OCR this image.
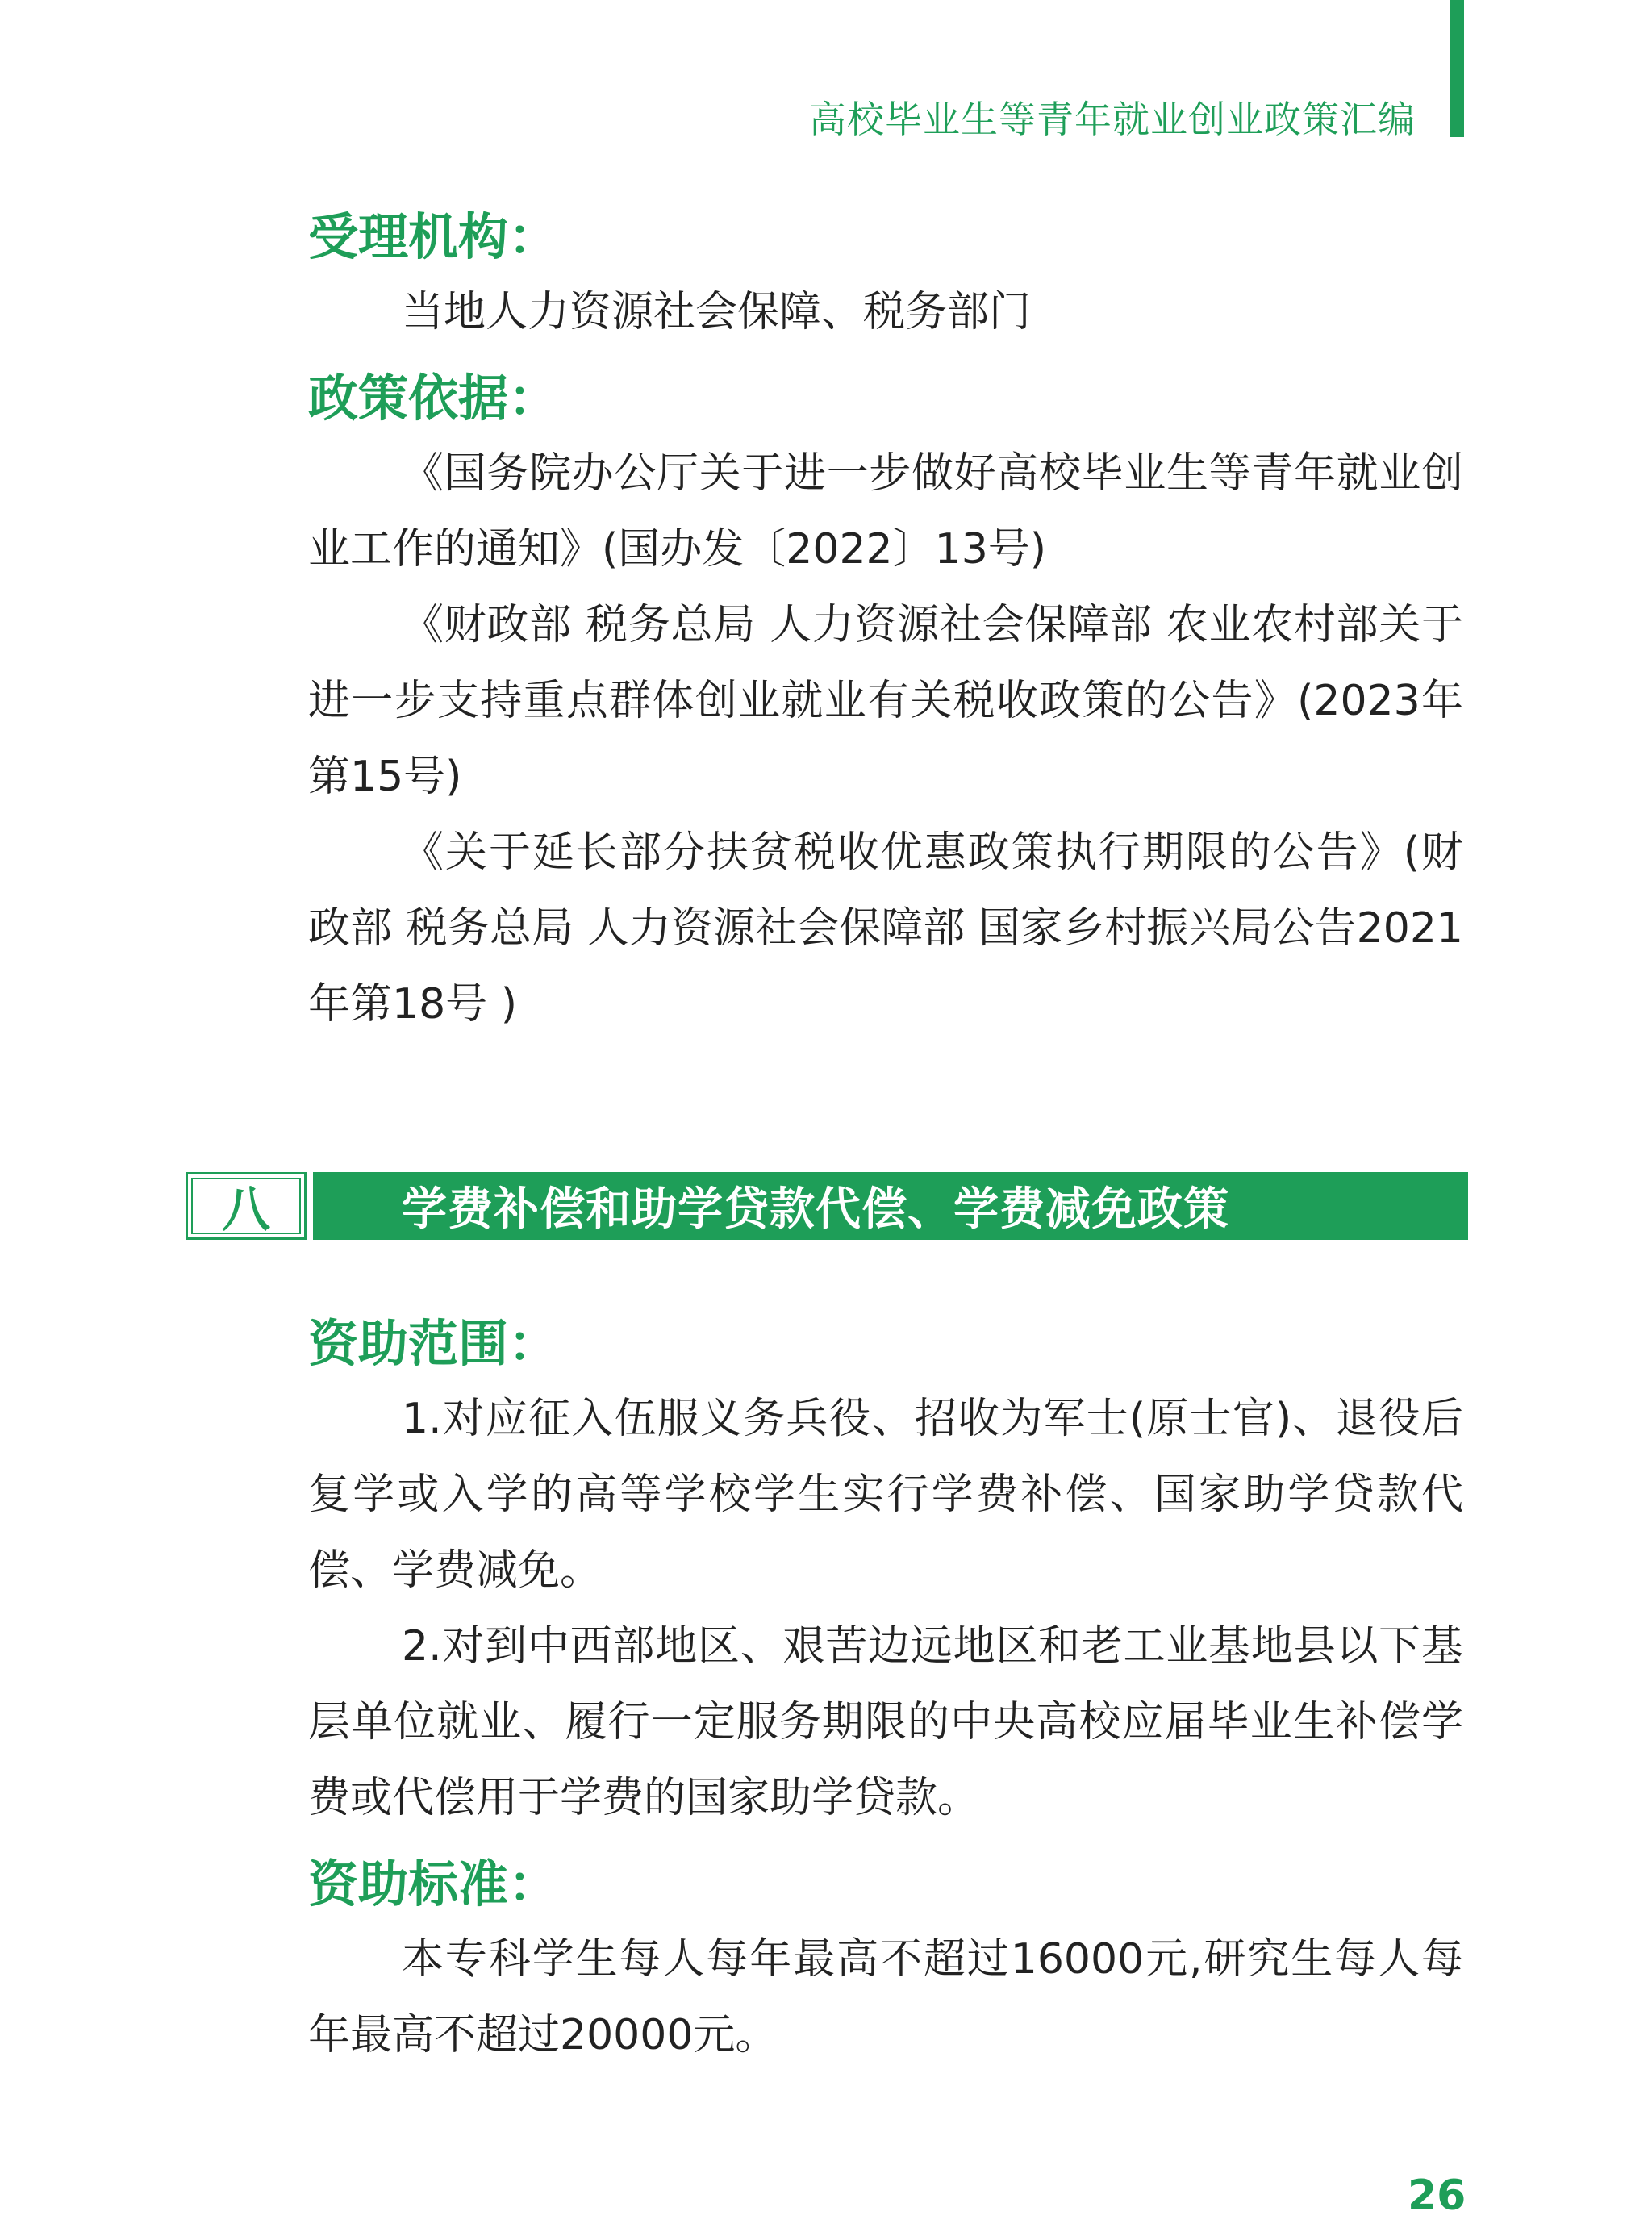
高校毕业生等青年就业创业政策汇编
受理机构：

当地人力资源社会保障、税务部门

政策依据：

《国务院办公厅关于进一步做好高校毕业生等青年就业创业工作的通知》(国办发〔2022〕13号)

《财政部 税务总局 人力资源社会保障部 农业农村部关于进一步支持重点群体创业就业有关税收政策的公告》(2023年第15号)

《关于延长部分扶贫税收优惠政策执行期限的公告》(财政部 税务总局 人力资源社会保障部 国家乡村振兴局公告2021年第18号 )

八	学费补偿和助学贷款代偿、学费减免政策
资助范围：

1.对应征入伍服义务兵役、招收为军士(原士官)、退役后复学或入学的高等学校学生实行学费补偿、国家助学贷款代偿、学费减免。

2.对到中西部地区、艰苦边远地区和老工业基地县以下基层单位就业、履行一定服务期限的中央高校应届毕业生补偿学费或代偿用于学费的国家助学贷款。

资助标准：

本专科学生每人每年最高不超过16000元,研究生每人每年最高不超过20000元。

26
